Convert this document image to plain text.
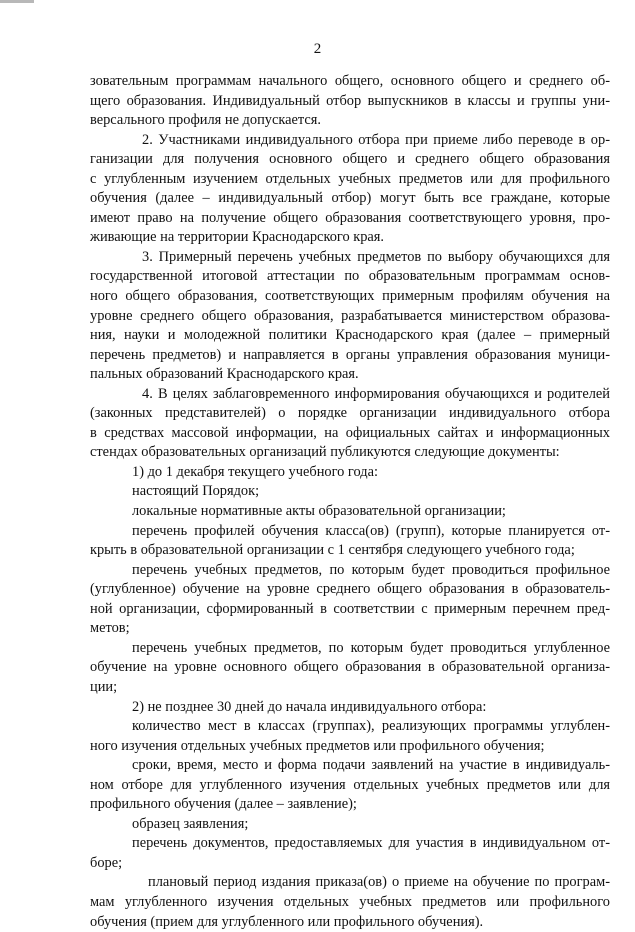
2
зовательным программам начального общего, основного общего и среднего об-
щего образования. Индивидуальный отбор выпускников в классы и группы уни-
версального профиля не допускается.
2. Участниками индивидуального отбора при приеме либо переводе в ор-
ганизации для получения основного общего и среднего общего образования
с углубленным изучением отдельных учебных предметов или для профильного
обучения (далее – индивидуальный отбор) могут быть все граждане, которые
имеют право на получение общего образования соответствующего уровня, про-
живающие на территории Краснодарского края.
3. Примерный перечень учебных предметов по выбору обучающихся для
государственной итоговой аттестации по образовательным программам основ-
ного общего образования, соответствующих примерным профилям обучения на
уровне среднего общего образования, разрабатывается министерством образова-
ния, науки и молодежной политики Краснодарского края (далее – примерный
перечень предметов) и направляется в органы управления образования муници-
пальных образований Краснодарского края.
4. В целях заблаговременного информирования обучающихся и родителей
(законных представителей) о порядке организации индивидуального отбора
в средствах массовой информации, на официальных сайтах и информационных
стендах образовательных организаций публикуются следующие документы:
1) до 1 декабря текущего учебного года:
настоящий Порядок;
локальные нормативные акты образовательной организации;
перечень профилей обучения класса(ов) (групп), которые планируется от-
крыть в образовательной организации с 1 сентября следующего учебного года;
перечень учебных предметов, по которым будет проводиться профильное
(углубленное) обучение на уровне среднего общего образования в образователь-
ной организации, сформированный в соответствии с примерным перечнем пред-
метов;
перечень учебных предметов, по которым будет проводиться углубленное
обучение на уровне основного общего образования в образовательной организа-
ции;
2) не позднее 30 дней до начала индивидуального отбора:
количество мест в классах (группах), реализующих программы углублен-
ного изучения отдельных учебных предметов или профильного обучения;
сроки, время, место и форма подачи заявлений на участие в индивидуаль-
ном отборе для углубленного изучения отдельных учебных предметов или для
профильного обучения (далее – заявление);
образец заявления;
перечень документов, предоставляемых для участия в индивидуальном от-
боре;
плановый период издания приказа(ов) о приеме на обучение по програм-
мам углубленного изучения отдельных учебных предметов или профильного
обучения (прием для углубленного или профильного обучения).
